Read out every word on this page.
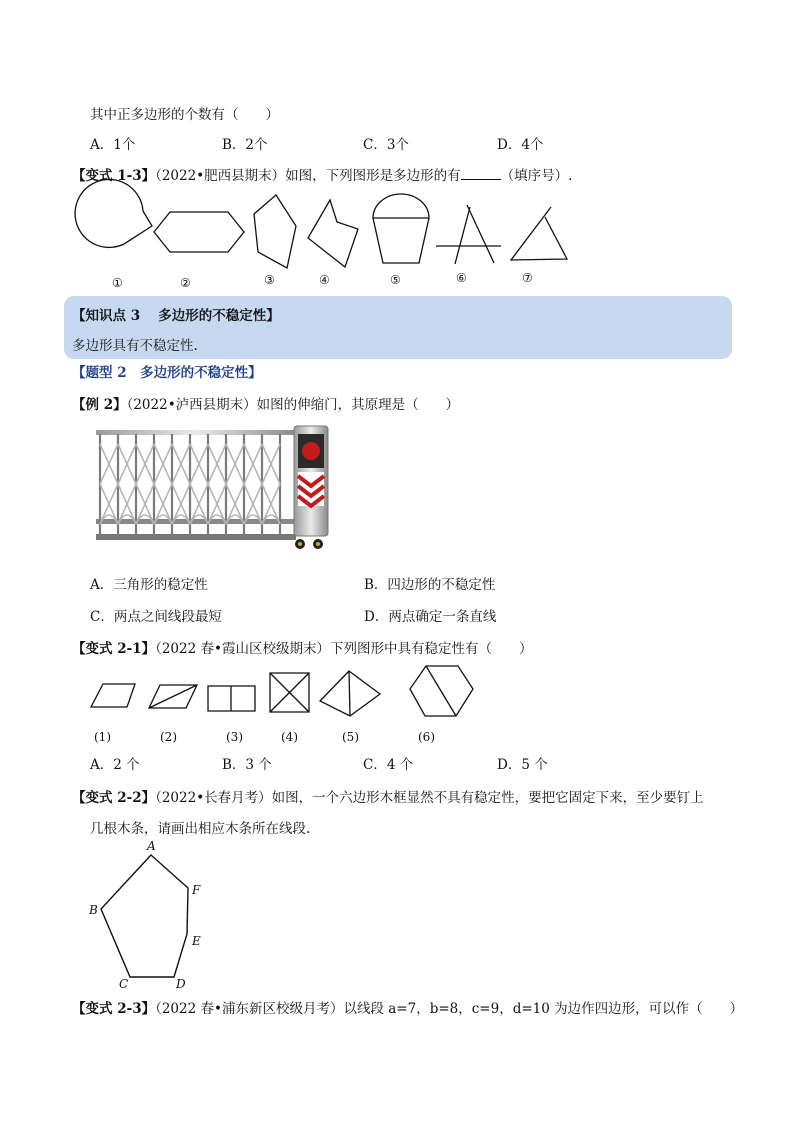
其中正多边形的个数有（　　）
A．1个	B．2个	C．3个	D．4个
【变式 1-3】（2022•肥西县期末）如图，下列图形是多边形的有	（填序号）.
①	②	③	④	⑤	⑥	⑦
【知识点 3　 多边形的不稳定性】
多边形具有不稳定性.
【题型 2　多边形的不稳定性】
【例 2】（2022•泸西县期末）如图的伸缩门，其原理是（　　）
A．三角形的稳定性	B．四边形的不稳定性
C．两点之间线段最短	D．两点确定一条直线
【变式 2-1】（2022 春•霞山区校级期末）下列图形中具有稳定性有（　　）
(1)	(2)	(3)	(4)	(5)	(6)
A．2 个	B．3 个	C．4 个	D．5 个
【变式 2-2】（2022•长春月考）如图，一个六边形木框显然不具有稳定性，要把它固定下来，至少要钉上
几根木条，请画出相应木条所在线段.
A
F
B
E
C	D
【变式 2-3】（2022 春•浦东新区校级月考）以线段 a=7，b=8，c=9，d=10 为边作四边形，可以作（　　）
